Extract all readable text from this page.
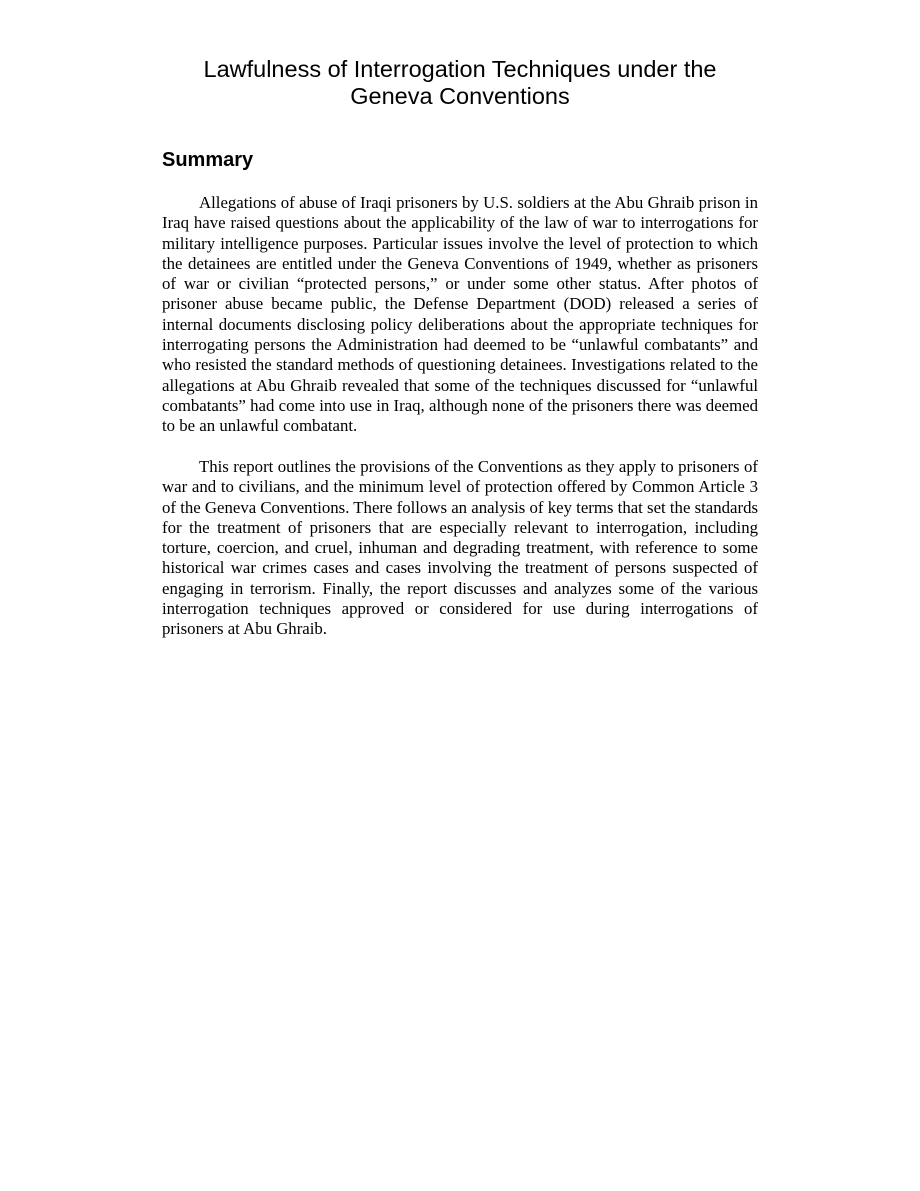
Lawfulness of Interrogation Techniques under the
Geneva Conventions
Summary

Allegations of abuse of Iraqi prisoners by U.S. soldiers at the Abu Ghraib prison in Iraq have raised questions about the applicability of the law of war to interrogations for military intelligence purposes. Particular issues involve the level of protection to which the detainees are entitled under the Geneva Conventions of 1949, whether as prisoners of war or civilian “protected persons,” or under some other status. After photos of prisoner abuse became public, the Defense Department (DOD) released a series of internal documents disclosing policy deliberations about the appropriate techniques for interrogating persons the Administration had deemed to be “unlawful combatants” and who resisted the standard methods of questioning detainees. Investigations related to the allegations at Abu Ghraib revealed that some of the techniques discussed for “unlawful combatants” had come into use in Iraq, although none of the prisoners there was deemed to be an unlawful combatant.

This report outlines the provisions of the Conventions as they apply to prisoners of war and to civilians, and the minimum level of protection offered by Common Article 3 of the Geneva Conventions. There follows an analysis of key terms that set the standards for the treatment of prisoners that are especially relevant to interrogation, including torture, coercion, and cruel, inhuman and degrading treatment, with reference to some historical war crimes cases and cases involving the treatment of persons suspected of engaging in terrorism. Finally, the report discusses and analyzes some of the various interrogation techniques approved or considered for use during interrogations of prisoners at Abu Ghraib.
